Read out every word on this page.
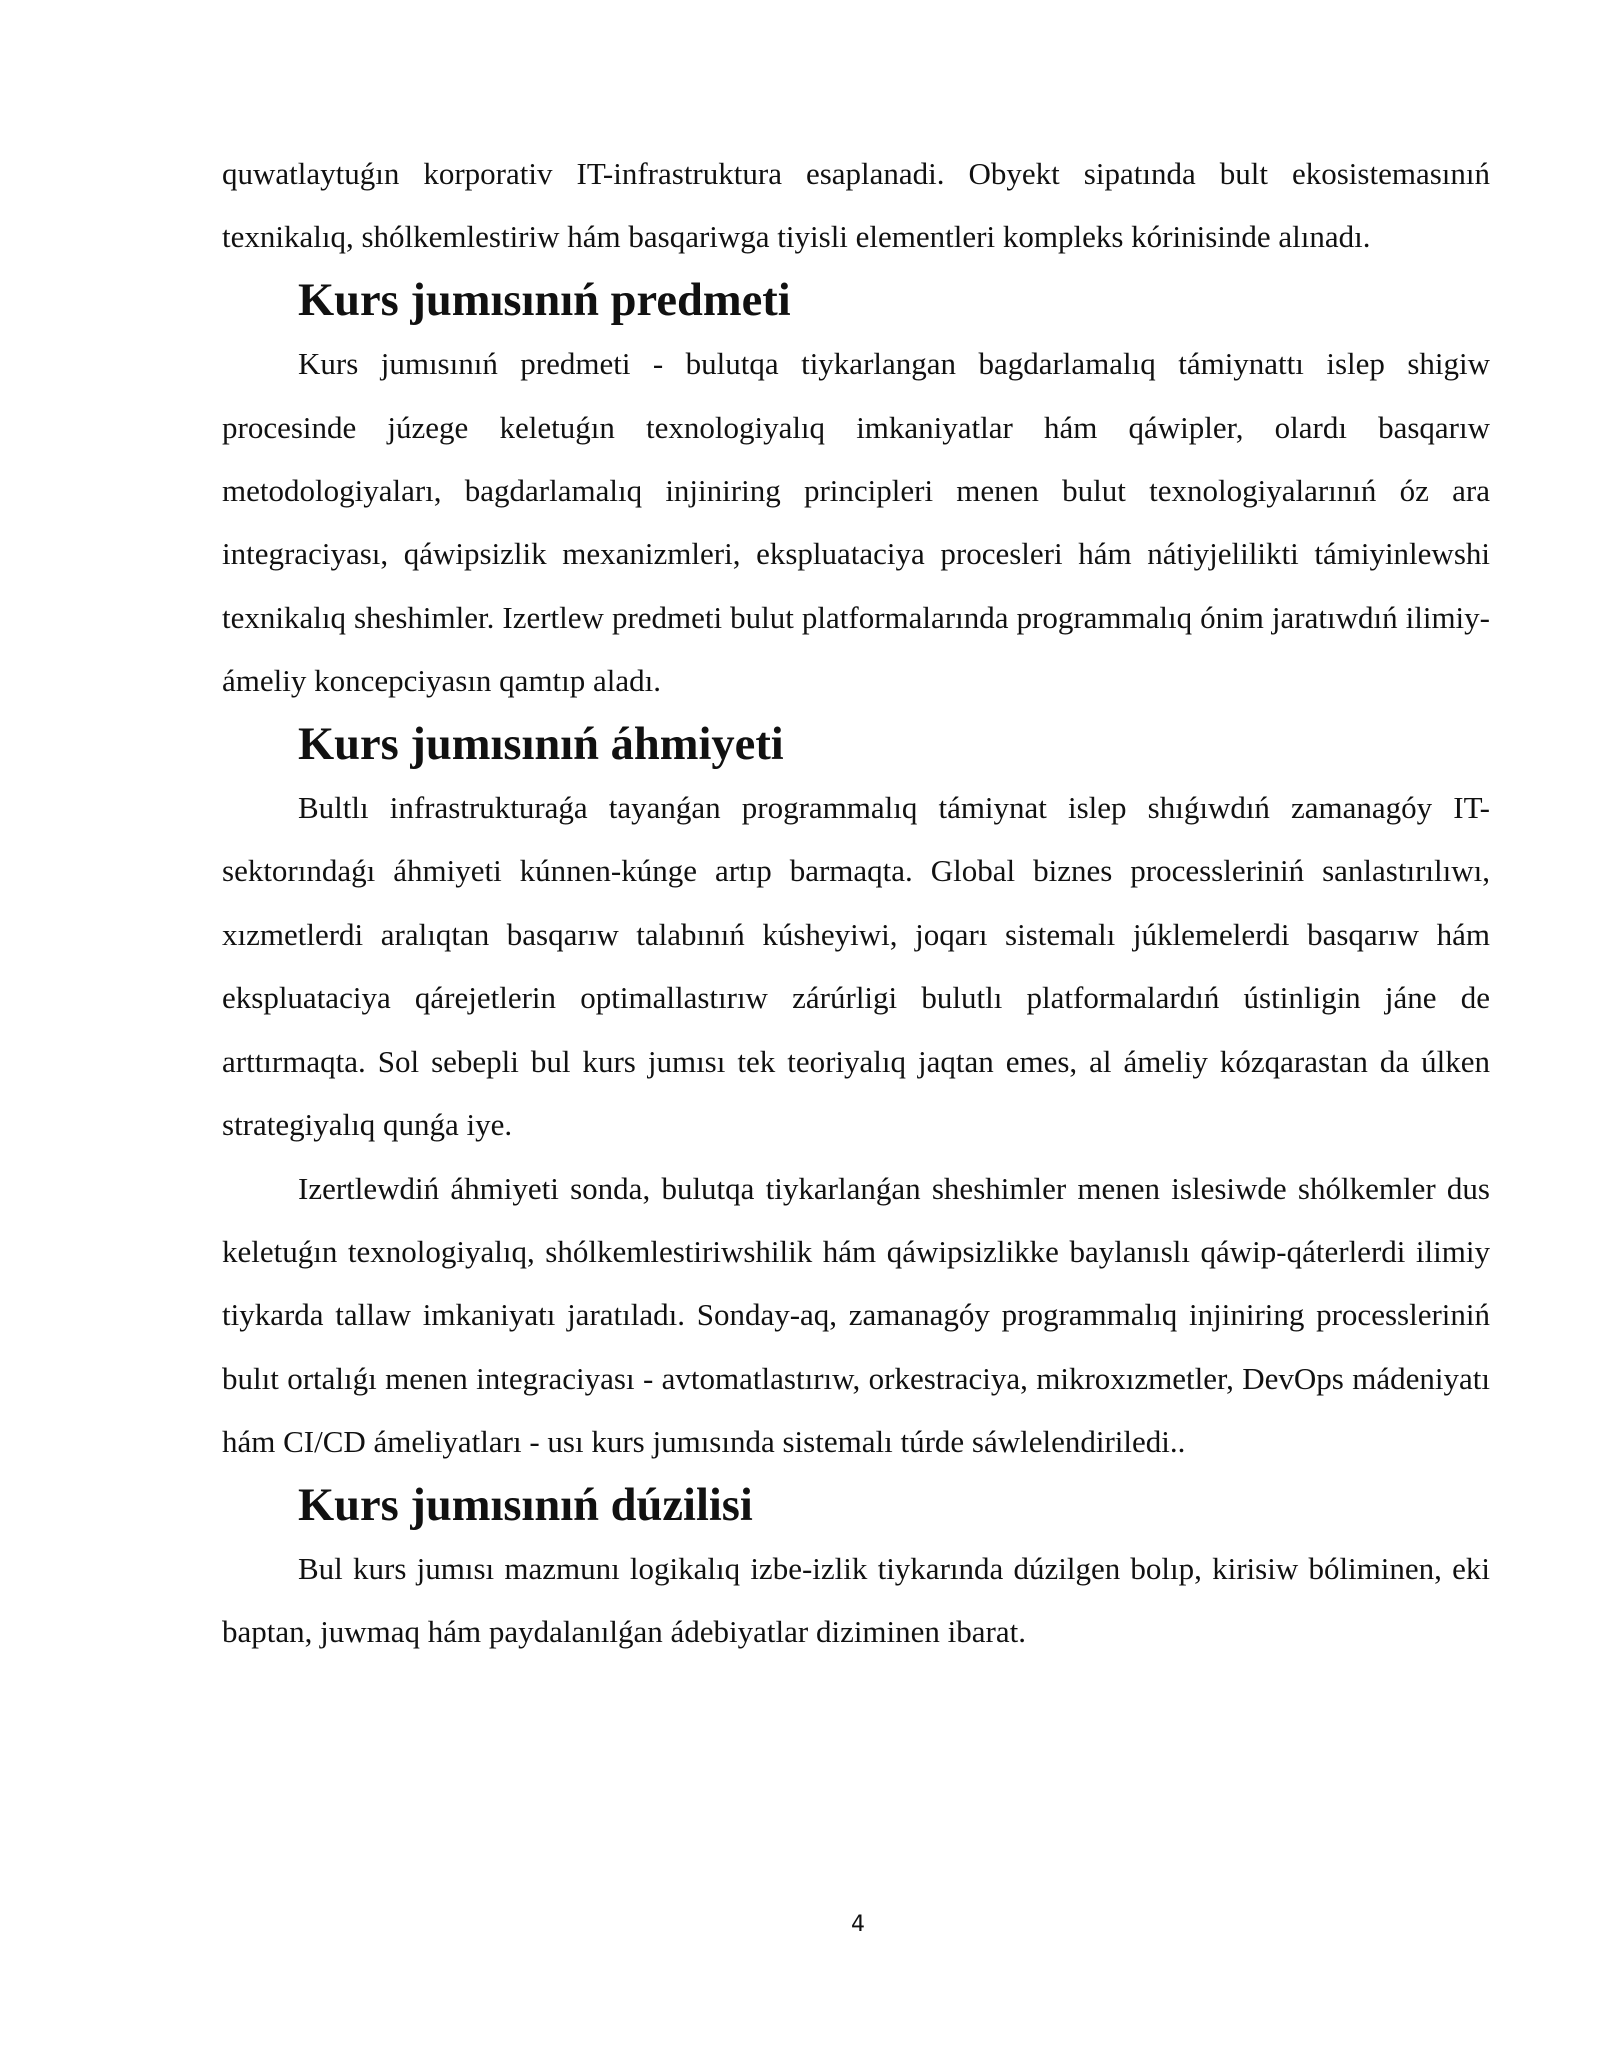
quwatlaytuǵın korporativ IT-infrastruktura esaplanadi. Obyekt sipatında bult ekosistemasınıń texnikalıq, shólkemlestiriw hám basqariwga tiyisli elementleri kompleks kórinisinde alınadı.

Kurs jumısınıń predmeti

Kurs jumısınıń predmeti - bulutqa tiykarlangan bagdarlamalıq támiynattı islep shigiw procesinde júzege keletuǵın texnologiyalıq imkaniyatlar hám qáwipler, olardı basqarıw metodologiyaları, bagdarlamalıq injiniring principleri menen bulut texnologiyalarınıń óz ara integraciyası, qáwipsizlik mexanizmleri, ekspluataciya procesleri hám nátiyjelilikti támiyinlewshi texnikalıq sheshimler. Izertlew predmeti bulut platformalarında programmalıq ónim jaratıwdıń ilimiy-ámeliy koncepciyasın qamtıp aladı.

Kurs jumısınıń áhmiyeti

Bultlı infrastrukturaǵa tayanǵan programmalıq támiynat islep shıǵıwdıń zamanagóy IT-sektorındaǵı áhmiyeti kúnnen-kúnge artıp barmaqta. Global biznes processleriniń sanlastırılıwı, xızmetlerdi aralıqtan basqarıw talabınıń kúsheyiwi, joqarı sistemalı júklemelerdi basqarıw hám ekspluataciya qárejetlerin optimallastırıw zárúrligi bulutlı platformalardıń ústinligin jáne de arttırmaqta. Sol sebepli bul kurs jumısı tek teoriyalıq jaqtan emes, al ámeliy kózqarastan da úlken strategiyalıq qunǵa iye.

Izertlewdiń áhmiyeti sonda, bulutqa tiykarlanǵan sheshimler menen islesiwde shólkemler dus keletuǵın texnologiyalıq, shólkemlestiriwshilik hám qáwipsizlikke baylanıslı qáwip-qáterlerdi ilimiy tiykarda tallaw imkaniyatı jaratıladı. Sonday-aq, zamanagóy programmalıq injiniring processleriniń bulıt ortalıǵı menen integraciyası - avtomatlastırıw, orkestraciya, mikroxızmetler, DevOps mádeniyatı hám CI/CD ámeliyatları - usı kurs jumısında sistemalı túrde sáwlelendiriledi..

Kurs jumısınıń dúzilisi

Bul kurs jumısı mazmunı logikalıq izbe-izlik tiykarında dúzilgen bolıp, kirisiw bóliminen, eki baptan, juwmaq hám paydalanılǵan ádebiyatlar diziminen ibarat.

4
